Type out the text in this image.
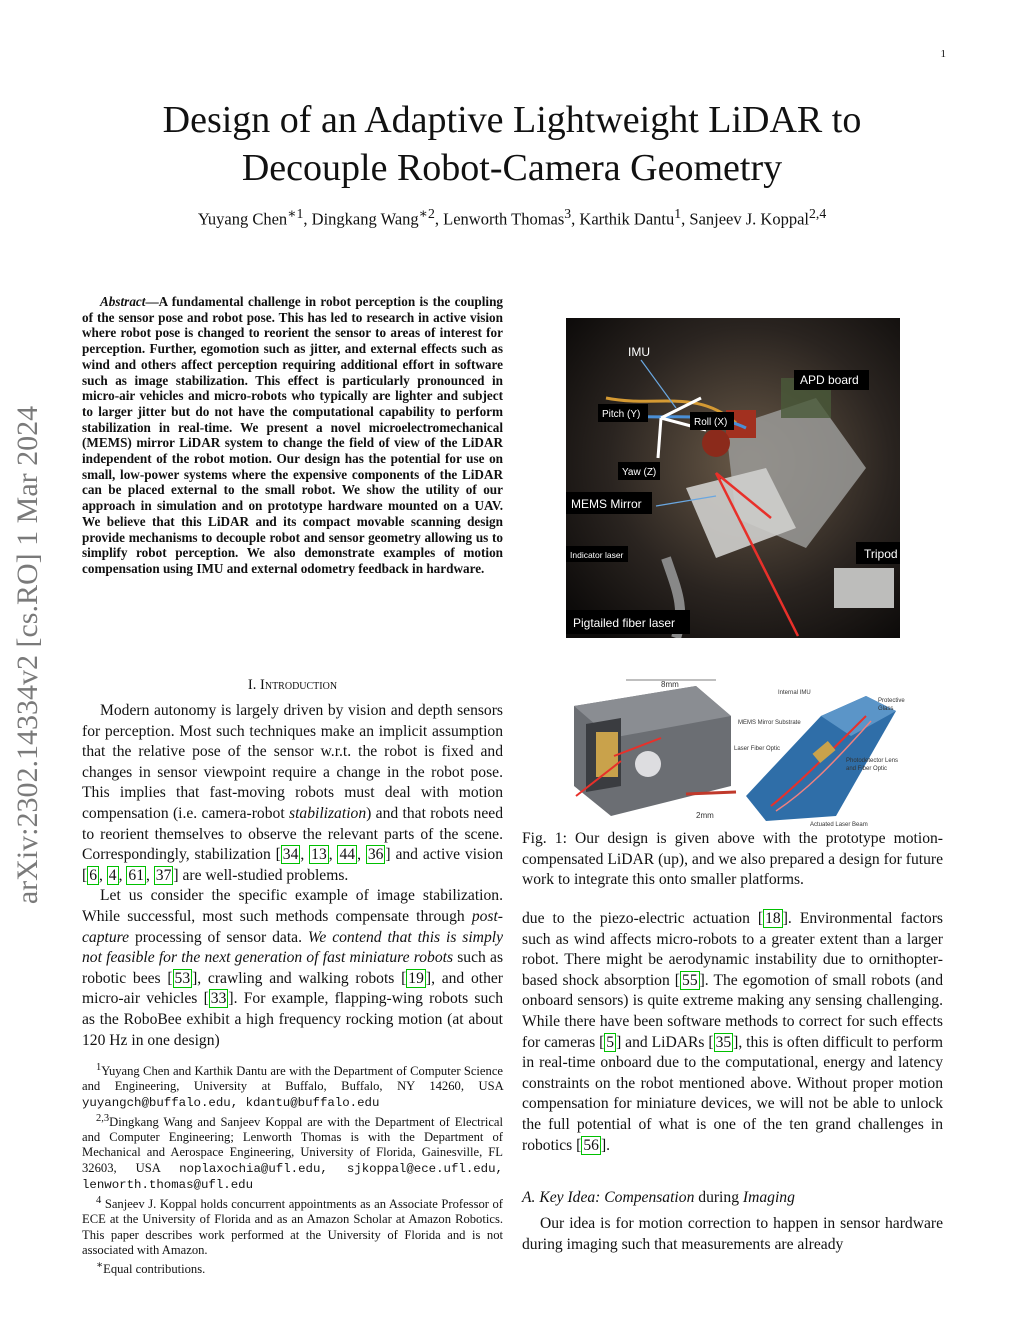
1
arXiv:2302.14334v2 [cs.RO] 1 Mar 2024
Design of an Adaptive Lightweight LiDAR to
Decouple Robot-Camera Geometry
Yuyang Chen$^{∗1}$, Dingkang Wang$^{∗2}$, Lenworth Thomas$^3$, Karthik Dantu$^1$, Sanjeev J. Koppal$^{2,4}$
Abstract—A fundamental challenge in robot perception is the coupling of the sensor pose and robot pose. This has led to research in active vision where robot pose is changed to reorient the sensor to areas of interest for perception. Further, egomotion such as jitter, and external effects such as wind and others affect perception requiring additional effort in software such as image stabilization. This effect is particularly pronounced in micro-air vehicles and micro-robots who typically are lighter and subject to larger jitter but do not have the computational capability to perform stabilization in real-time. We present a novel microelectromechanical (MEMS) mirror LiDAR system to change the field of view of the LiDAR independent of the robot motion. Our design has the potential for use on small, low-power systems where the expensive components of the LiDAR can be placed external to the small robot. We show the utility of our approach in simulation and on prototype hardware mounted on a UAV. We believe that this LiDAR and its compact movable scanning design provide mechanisms to decouple robot and sensor geometry allowing us to simplify robot perception. We also demonstrate examples of motion compensation using IMU and external odometry feedback in hardware.
I. Introduction

Modern autonomy is largely driven by vision and depth sensors for perception. Most such techniques make an implicit assumption that the relative pose of the sensor w.r.t. the robot is fixed and changes in sensor viewpoint require a change in the robot pose. This implies that fast-moving robots must deal with motion compensation (i.e. camera-robot stabilization) and that robots need to reorient themselves to observe the relevant parts of the scene. Correspondingly, stabilization [ 34 , 13 , 44 , 36 ] and active vision [ 6 , 4 , 61 , 37 ] are well-studied problems.

Let us consider the specific example of image stabilization. While successful, most such methods compensate through post-capture processing of sensor data. We contend that this is simply not feasible for the next generation of fast miniature robots such as robotic bees [ 53 ], crawling and walking robots [ 19 ], and other micro-air vehicles [ 33 ]. For example, flapping-wing robots such as the RoboBee exhibit a high frequency rocking motion (at about 120 Hz in one design)

$^1$Yuyang Chen and Karthik Dantu are with the Department of Computer Science and Engineering, University at Buffalo, Buffalo, NY 14260, USA yuyangch@buffalo.edu, kdantu@buffalo.edu

$^{2,3}$Dingkang Wang and Sanjeev Koppal are with the Department of Electrical and Computer Engineering; Lenworth Thomas is with the Department of Mechanical and Aerospace Engineering, University of Florida, Gainesville, FL 32603, USA noplaxochia@ufl.edu, sjkoppal@ece.ufl.edu, lenworth.thomas@ufl.edu

$^4$ Sanjeev J. Koppal holds concurrent appointments as an Associate Professor of ECE at the University of Florida and as an Amazon Scholar at Amazon Robotics. This paper describes work performed at the University of Florida and is not associated with Amazon.

∗Equal contributions.

IMU
APD board
Pitch (Y)
Roll (X)
Yaw (Z)
MEMS Mirror
Indicator laser	Tripod
Pigtailed fiber laser
8mm
2mm
Internal IMU
Protective
Glass
MEMS Mirror Substrate
Laser Fiber Optic
Photodetector Lens
and Fiber Optic
Actuated Laser Beam
Fig. 1: Our design is given above with the prototype motion-compensated LiDAR (up), and we also prepared a design for future work to integrate this onto smaller platforms.

due to the piezo-electric actuation [ 18 ]. Environmental factors such as wind affects micro-robots to a greater extent than a larger robot. There might be aerodynamic instability due to ornithopter-based shock absorption [ 55 ]. The egomotion of small robots (and onboard sensors) is quite extreme making any sensing challenging. While there have been software methods to correct for such effects for cameras [ 5 ] and LiDARs [ 35 ], this is often difficult to perform in real-time onboard due to the computational, energy and latency constraints on the robot mentioned above. Without proper motion compensation for miniature devices, we will not be able to unlock the full potential of what is one of the ten grand challenges in robotics [ 56 ].

A. Key Idea: Compensation during Imaging

Our idea is for motion correction to happen in sensor hardware during imaging such that measurements are already
